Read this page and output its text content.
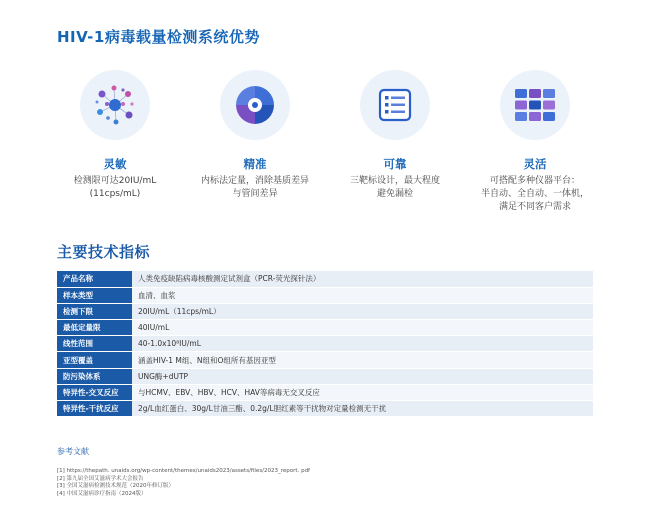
HIV-1病毒载量检测系统优势
灵敏
检测限可达20IU/mL
(11cps/mL)
精准
内标法定量，消除基质差异
与管间差异
可靠
三靶标设计，最大程度
避免漏检
灵活
可搭配多种仪器平台：
半自动、全自动、一体机，
满足不同客户需求
主要技术指标
产品名称	人类免疫缺陷病毒核酸测定试剂盒（PCR-荧光探针法）
样本类型	血清、血浆
检测下限	20IU/mL（11cps/mL）
最低定量限	40IU/mL
线性范围	40-1.0x10⁸IU/mL
亚型覆盖	涵盖HIV-1 M组、N组和O组所有基因亚型
防污染体系	UNG酶+dUTP
特异性-交叉反应	与HCMV、EBV、HBV、HCV、HAV等病毒无交叉反应
特异性-干扰反应	2g/L血红蛋白、30g/L甘油三酯、0.2g/L胆红素等干扰物对定量检测无干扰
参考文献
[1] https://thepath. unaids.org/wp-content/themes/unaids2023/assets/files/2023_report. pdf
[2] 第九届全国艾滋病学术大会报告
[3] 全国艾滋病检测技术规范（2020年修订版）
[4] 中国艾滋病诊疗指南（2024版）
